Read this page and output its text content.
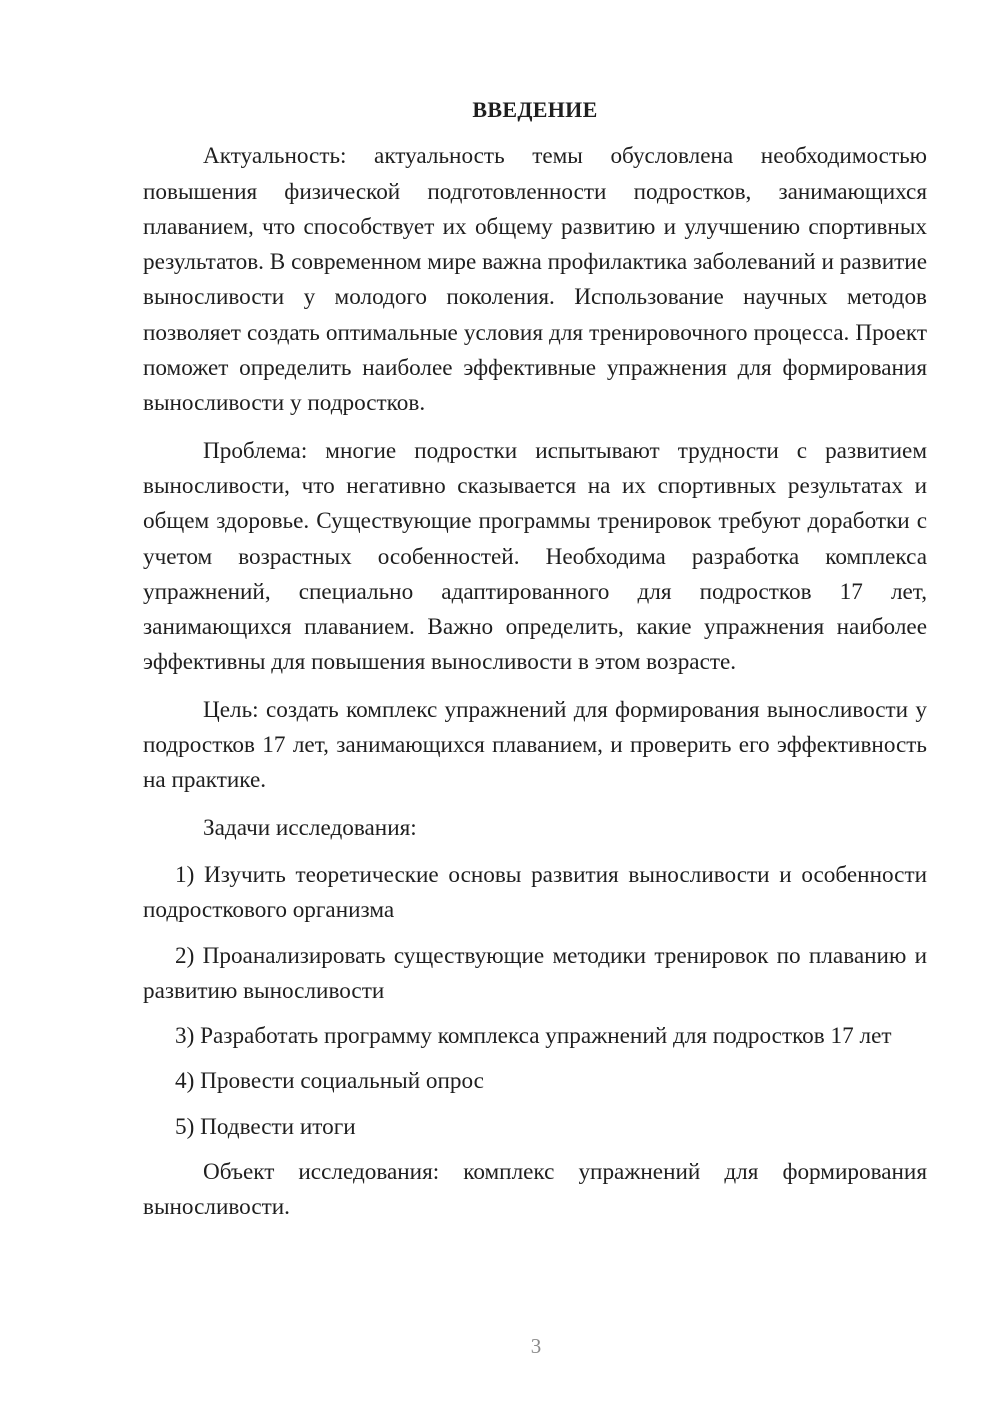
ВВЕДЕНИЕ

Актуальность: актуальность темы обусловлена необходимостью повышения физической подготовленности подростков, занимающихся плаванием, что способствует их общему развитию и улучшению спортивных результатов. В современном мире важна профилактика заболеваний и развитие выносливости у молодого поколения. Использование научных методов позволяет создать оптимальные условия для тренировочного процесса. Проект поможет определить наиболее эффективные упражнения для формирования выносливости у подростков.

Проблема: многие подростки испытывают трудности с развитием выносливости, что негативно сказывается на их спортивных результатах и общем здоровье. Существующие программы тренировок требуют доработки с учетом возрастных особенностей. Необходима разработка комплекса упражнений, специально адаптированного для подростков 17 лет, занимающихся плаванием. Важно определить, какие упражнения наиболее эффективны для повышения выносливости в этом возрасте.

Цель: создать комплекс упражнений для формирования выносливости у подростков 17 лет, занимающихся плаванием, и проверить его эффективность на практике.

Задачи исследования:

1) Изучить теоретические основы развития выносливости и особенности подросткового организма

2) Проанализировать существующие методики тренировок по плаванию и развитию выносливости

3) Разработать программу комплекса упражнений для подростков 17 лет

4) Провести социальный опрос

5) Подвести итоги

Объект исследования: комплекс упражнений для формирования выносливости.

3
